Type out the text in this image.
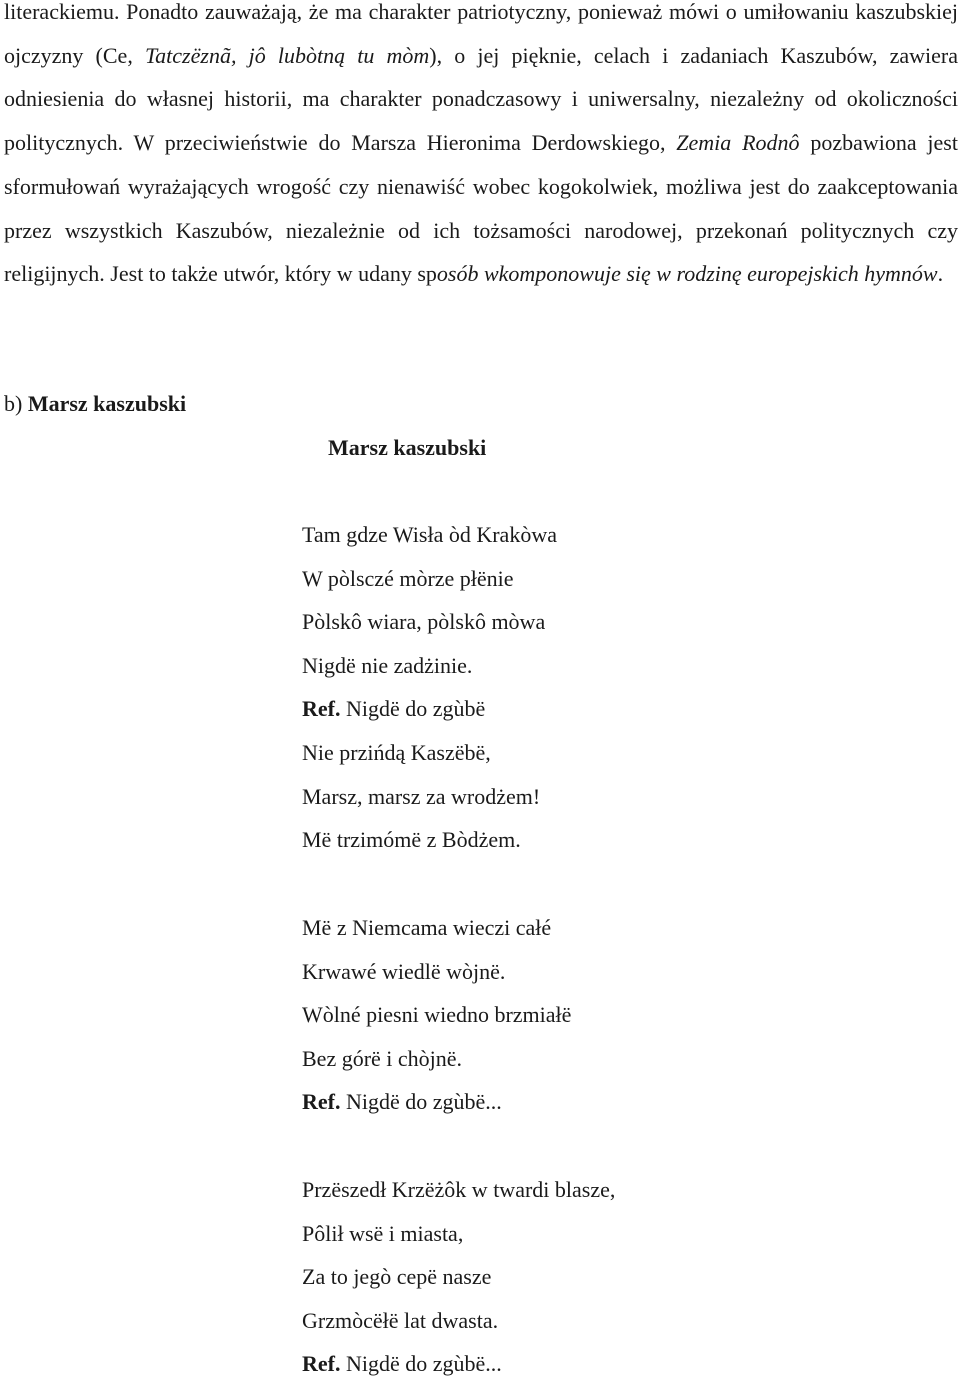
literackiemu. Ponadto zauważają, że ma charakter patriotyczny, ponieważ mówi o umiłowaniu kaszubskiej ojczyzny (Ce, Tatczëznã, jô lubòtną tu mòm), o jej pięknie, celach i zadaniach Kaszubów, zawiera odniesienia do własnej historii, ma charakter ponadczasowy i uniwersalny, niezależny od okoliczności politycznych. W przeciwieństwie do Marsza Hieronima Derdowskiego, Zemia Rodnô pozbawiona jest sformułowań wyrażających wrogość czy nienawiść wobec kogokolwiek, możliwa jest do zaakceptowania przez wszystkich Kaszubów, niezależnie od ich tożsamości narodowej, przekonań politycznych czy religijnych. Jest to także utwór, który w udany sposób wkomponowuje się w rodzinę europejskich hymnów.

b) Marsz kaszubski

Marsz kaszubski

Tam gdze Wisła òd Krakòwa
W pòlsczé mòrze płënie
Pòlskô wiara, pòlskô mòwa
Nigdë nie zadżinie.
Ref. Nigdë do zgùbë
Nie przińdą Kaszëbë,
Marsz, marsz za wrodżem!
Më trzimómë z Bòdżem.
Më z Niemcama wieczi całé
Krwawé wiedlë wòjnë.
Wòlné piesni wiedno brzmiałë
Bez górë i chòjnë.
Ref. Nigdë do zgùbë...
Przëszedł Krzëżôk w twardi blasze,
Pôlił wsë i miasta,
Za to jegò cepë nasze
Grzmòcëłë lat dwasta.
Ref. Nigdë do zgùbë...
